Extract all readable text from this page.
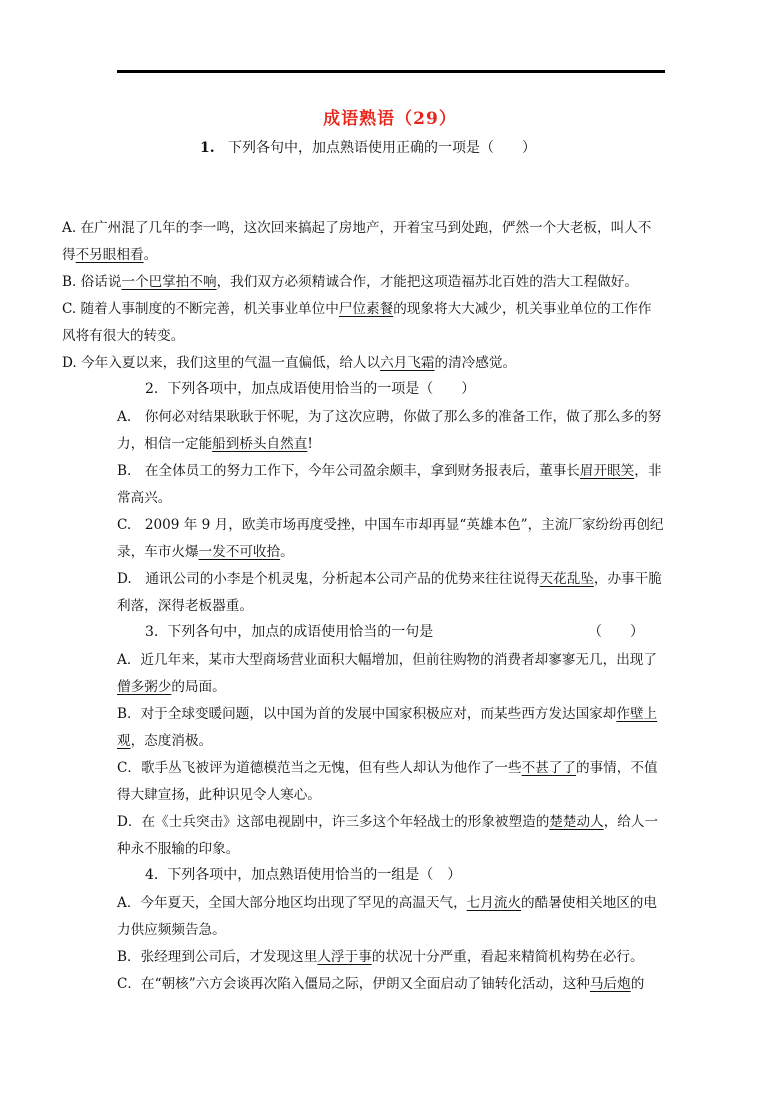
成语熟语（29）
1. 下列各句中，加点熟语使用正确的一项是（　　）
A. 在广州混了几年的李一鸣，这次回来搞起了房地产，开着宝马到处跑，俨然一个大老板，叫人不
得不另眼相看。
B. 俗话说一个巴掌拍不响，我们双方必须精诚合作，才能把这项造福苏北百姓的浩大工程做好。
C. 随着人事制度的不断完善，机关事业单位中尸位素餐的现象将大大减少，机关事业单位的工作作
风将有很大的转变。
D. 今年入夏以来，我们这里的气温一直偏低，给人以六月飞霜的清冷感觉。
2. 下列各项中，加点成语使用恰当的一项是（　　）
A.　你何必对结果耿耿于怀呢，为了这次应聘，你做了那么多的准备工作，做了那么多的努
力，相信一定能船到桥头自然直!
B.　在全体员工的努力工作下，今年公司盈余颇丰，拿到财务报表后，董事长眉开眼笑，非
常高兴。
C.　2009 年 9 月，欧美市场再度受挫，中国车市却再显“英雄本色”，主流厂家纷纷再创纪
录，车市火爆一发不可收拾。
D.　通讯公司的小李是个机灵鬼，分析起本公司产品的优势来往往说得天花乱坠，办事干脆
利落，深得老板器重。
3. 下列各句中，加点的成语使用恰当的一句是	（　　）
A．近几年来，某市大型商场营业面积大幅增加，但前往购物的消费者却寥寥无几，出现了
僧多粥少的局面。
B．对于全球变暖问题，以中国为首的发展中国家积极应对，而某些西方发达国家却作壁上
观，态度消极。
C．歌手丛飞被评为道德模范当之无愧，但有些人却认为他作了一些不甚了了的事情，不值
得大肆宣扬，此种识见令人寒心。
D．在《士兵突击》这部电视剧中，许三多这个年轻战士的形象被塑造的楚楚动人，给人一
种永不服输的印象。
4. 下列各项中，加点熟语使用恰当的一组是（　）
A．今年夏天，全国大部分地区均出现了罕见的高温天气，七月流火的酷暑使相关地区的电
力供应频频告急。
B．张经理到公司后，才发现这里人浮于事的状况十分严重，看起来精简机构势在必行。
C．在“朝核”六方会谈再次陷入僵局之际，伊朗又全面启动了铀转化活动，这种马后炮的
